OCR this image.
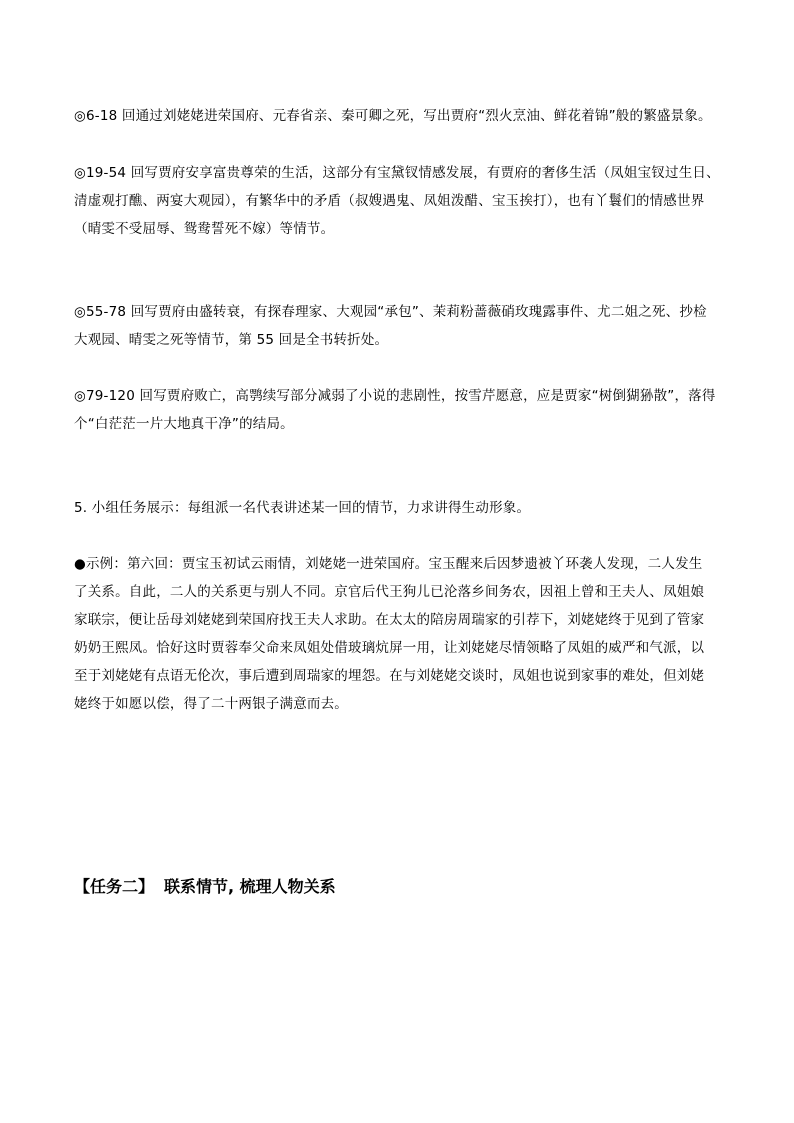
◎6-18 回通过刘姥姥进荣国府、元春省亲、秦可卿之死，写出贾府“烈火烹油、鲜花着锦”般的繁盛景象。

◎19-54 回写贾府安享富贵尊荣的生活，这部分有宝黛钗情感发展，有贾府的奢侈生活（凤姐宝钗过生日、
清虚观打醮、两宴大观园），有繁华中的矛盾（叔嫂遇鬼、凤姐泼醋、宝玉挨打），也有丫鬟们的情感世界
（晴雯不受屈辱、鸳鸯誓死不嫁）等情节。

◎55-78 回写贾府由盛转衰，有探春理家、大观园“承包”、茉莉粉蔷薇硝玫瑰露事件、尤二姐之死、抄检
大观园、晴雯之死等情节，第 55 回是全书转折处。

◎79-120 回写贾府败亡，高鹗续写部分减弱了小说的悲剧性，按雪芹愿意，应是贾家“树倒猢狲散”，落得
个“白茫茫一片大地真干净”的结局。

5. 小组任务展示：每组派一名代表讲述某一回的情节，力求讲得生动形象。

●示例：第六回：贾宝玉初试云雨情，刘姥姥一进荣国府。宝玉醒来后因梦遗被丫环袭人发现，二人发生
了关系。自此，二人的关系更与别人不同。京官后代王狗儿已沦落乡间务农，因祖上曾和王夫人、凤姐娘
家联宗，便让岳母刘姥姥到荣国府找王夫人求助。在太太的陪房周瑞家的引荐下，刘姥姥终于见到了管家
奶奶王熙凤。恰好这时贾蓉奉父命来凤姐处借玻璃炕屏一用，让刘姥姥尽情领略了凤姐的威严和气派，以
至于刘姥姥有点语无伦次，事后遭到周瑞家的埋怨。在与刘姥姥交谈时，凤姐也说到家事的难处，但刘姥
姥终于如愿以偿，得了二十两银子满意而去。

【任务二】 联系情节, 梳理人物关系
